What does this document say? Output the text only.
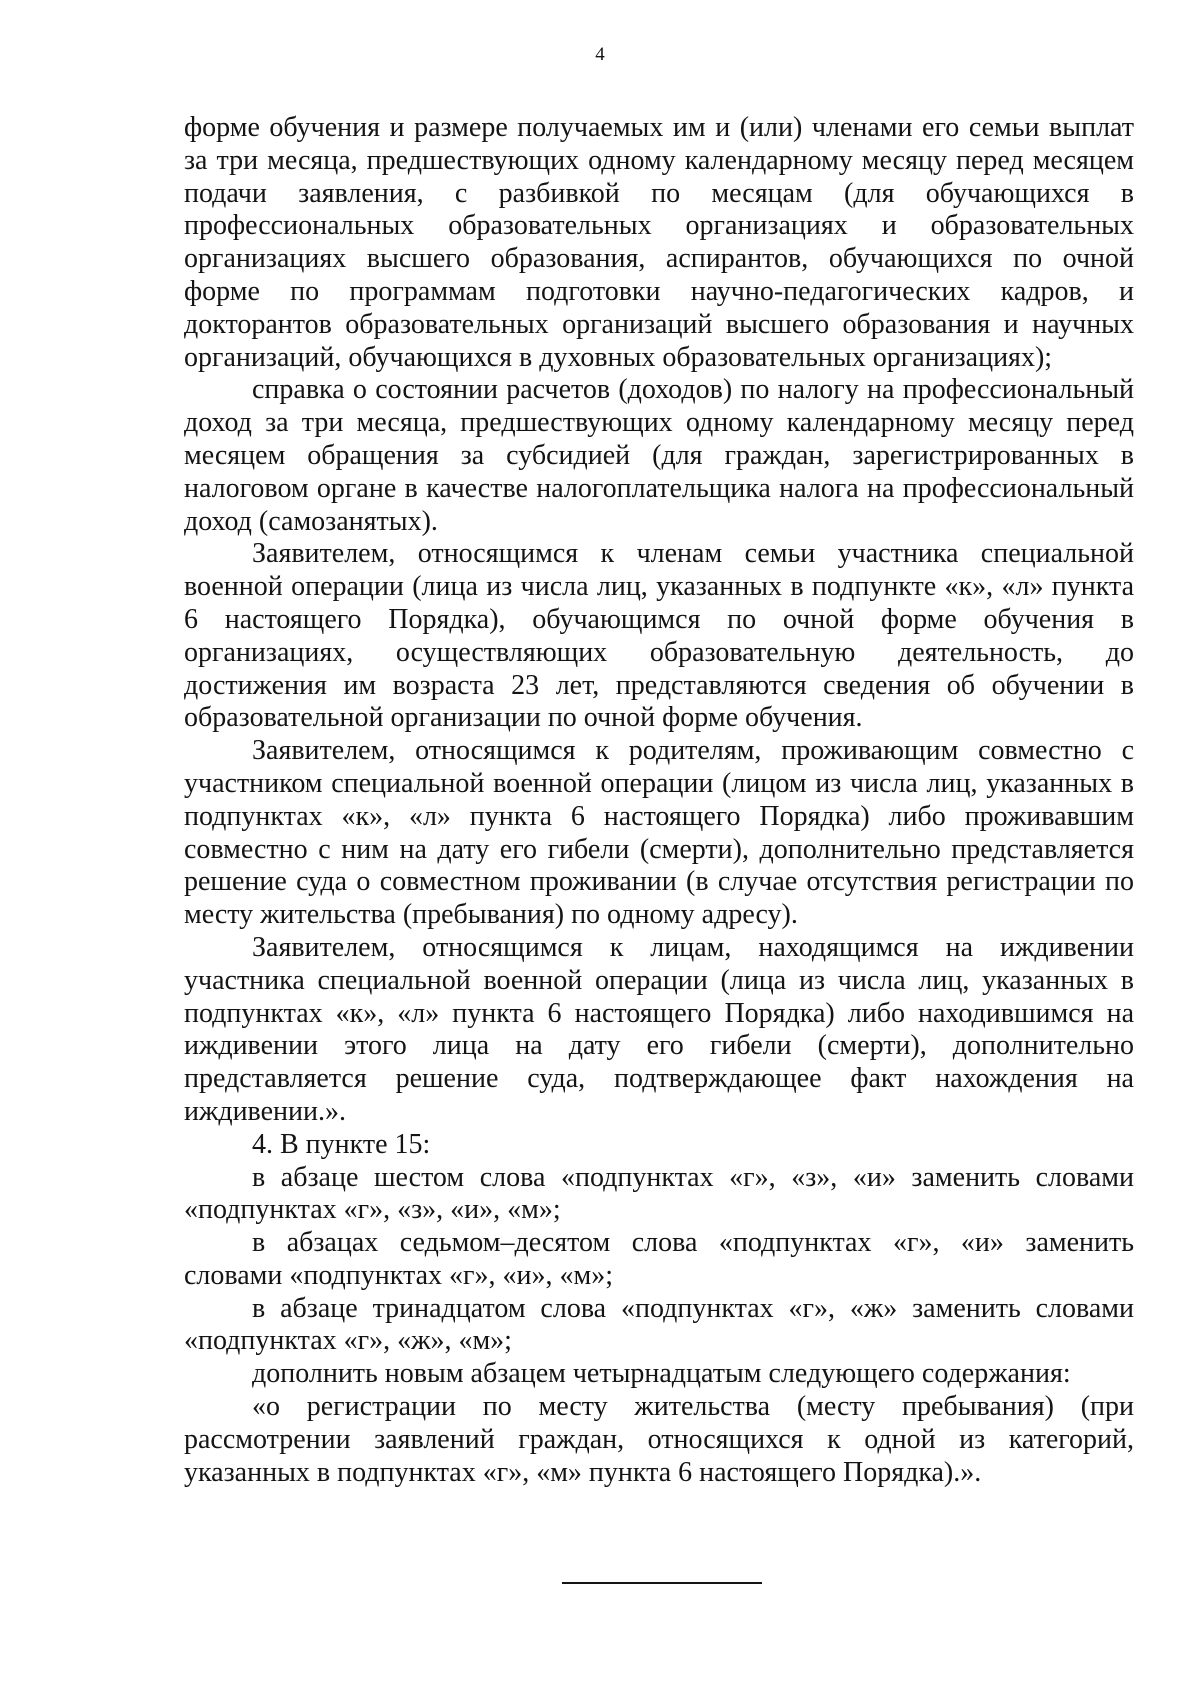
4

форме обучения и размере получаемых им и (или) членами его семьи выплат за три месяца, предшествующих одному календарному месяцу перед месяцем подачи заявления, с разбивкой по месяцам (для обучающихся в профессиональных образовательных организациях и образовательных организациях высшего образования, аспирантов, обучающихся по очной форме по программам подготовки научно-педагогических кадров, и докторантов образовательных организаций высшего образования и научных организаций, обучающихся в духовных образовательных организациях);

справка о состоянии расчетов (доходов) по налогу на профессиональный доход за три месяца, предшествующих одному календарному месяцу перед месяцем обращения за субсидией (для граждан, зарегистрированных в налоговом органе в качестве налогоплательщика налога на профессиональный доход (самозанятых).

Заявителем, относящимся к членам семьи участника специальной военной операции (лица из числа лиц, указанных в подпункте «к», «л» пункта 6 настоящего Порядка), обучающимся по очной форме обучения в организациях, осуществляющих образовательную деятельность, до достижения им возраста 23 лет, представляются сведения об обучении в образовательной организации по очной форме обучения.

Заявителем, относящимся к родителям, проживающим совместно с участником специальной военной операции (лицом из числа лиц, указанных в подпунктах «к», «л» пункта 6 настоящего Порядка) либо проживавшим совместно с ним на дату его гибели (смерти), дополнительно представляется решение суда о совместном проживании (в случае отсутствия регистрации по месту жительства (пребывания) по одному адресу).

Заявителем, относящимся к лицам, находящимся на иждивении участника специальной военной операции (лица из числа лиц, указанных в подпунктах «к», «л» пункта 6 настоящего Порядка) либо находившимся на иждивении этого лица на дату его гибели (смерти), дополнительно представляется решение суда, подтверждающее факт нахождения на иждивении.».

4. В пункте 15:

в абзаце шестом слова «подпунктах «г», «з», «и» заменить словами «подпунктах «г», «з», «и», «м»;

в абзацах седьмом–десятом слова «подпунктах «г», «и» заменить словами «подпунктах «г», «и», «м»;

в абзаце тринадцатом слова «подпунктах «г», «ж» заменить словами «подпунктах «г», «ж», «м»;

дополнить новым абзацем четырнадцатым следующего содержания:

«о регистрации по месту жительства (месту пребывания) (при рассмотрении заявлений граждан, относящихся к одной из категорий, указанных в подпунктах «г», «м» пункта 6 настоящего Порядка).».
